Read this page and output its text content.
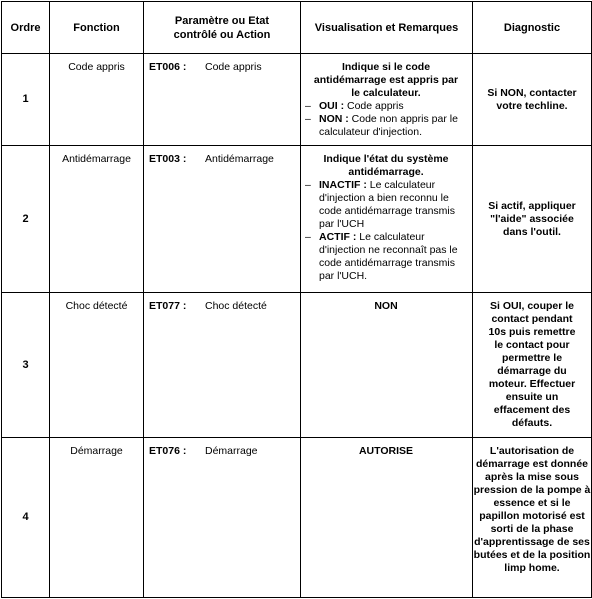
Ordre	Fonction	Paramètre ou Etat contrôlé ou Action	Visualisation et Remarques	Diagnostic
1	Code appris	ET006 : Code appris	Indique si le code antidémarrage est appris par le calculateur.
– OUI : Code appris
– NON : Code non appris par le calculateur d'injection.	Si NON, contacter votre techline.
2	Antidémarrage	ET003 : Antidémarrage	Indique l'état du système antidémarrage.
– INACTIF : Le calculateur d'injection a bien reconnu le code antidémarrage transmis par l'UCH
– ACTIF : Le calculateur d'injection ne reconnaît pas le code antidémarrage transmis par l'UCH.	Si actif, appliquer "l'aide" associée dans l'outil.
3	Choc détecté	ET077 : Choc détecté	NON	Si OUI, couper le contact pendant 10s puis remettre le contact pour permettre le démarrage du moteur. Effectuer ensuite un effacement des défauts.
4	Démarrage	ET076 : Démarrage	AUTORISE	L'autorisation de démarrage est donnée après la mise sous pression de la pompe à essence et si le papillon motorisé est sorti de la phase d'apprentissage de ses butées et de la position limp home.
